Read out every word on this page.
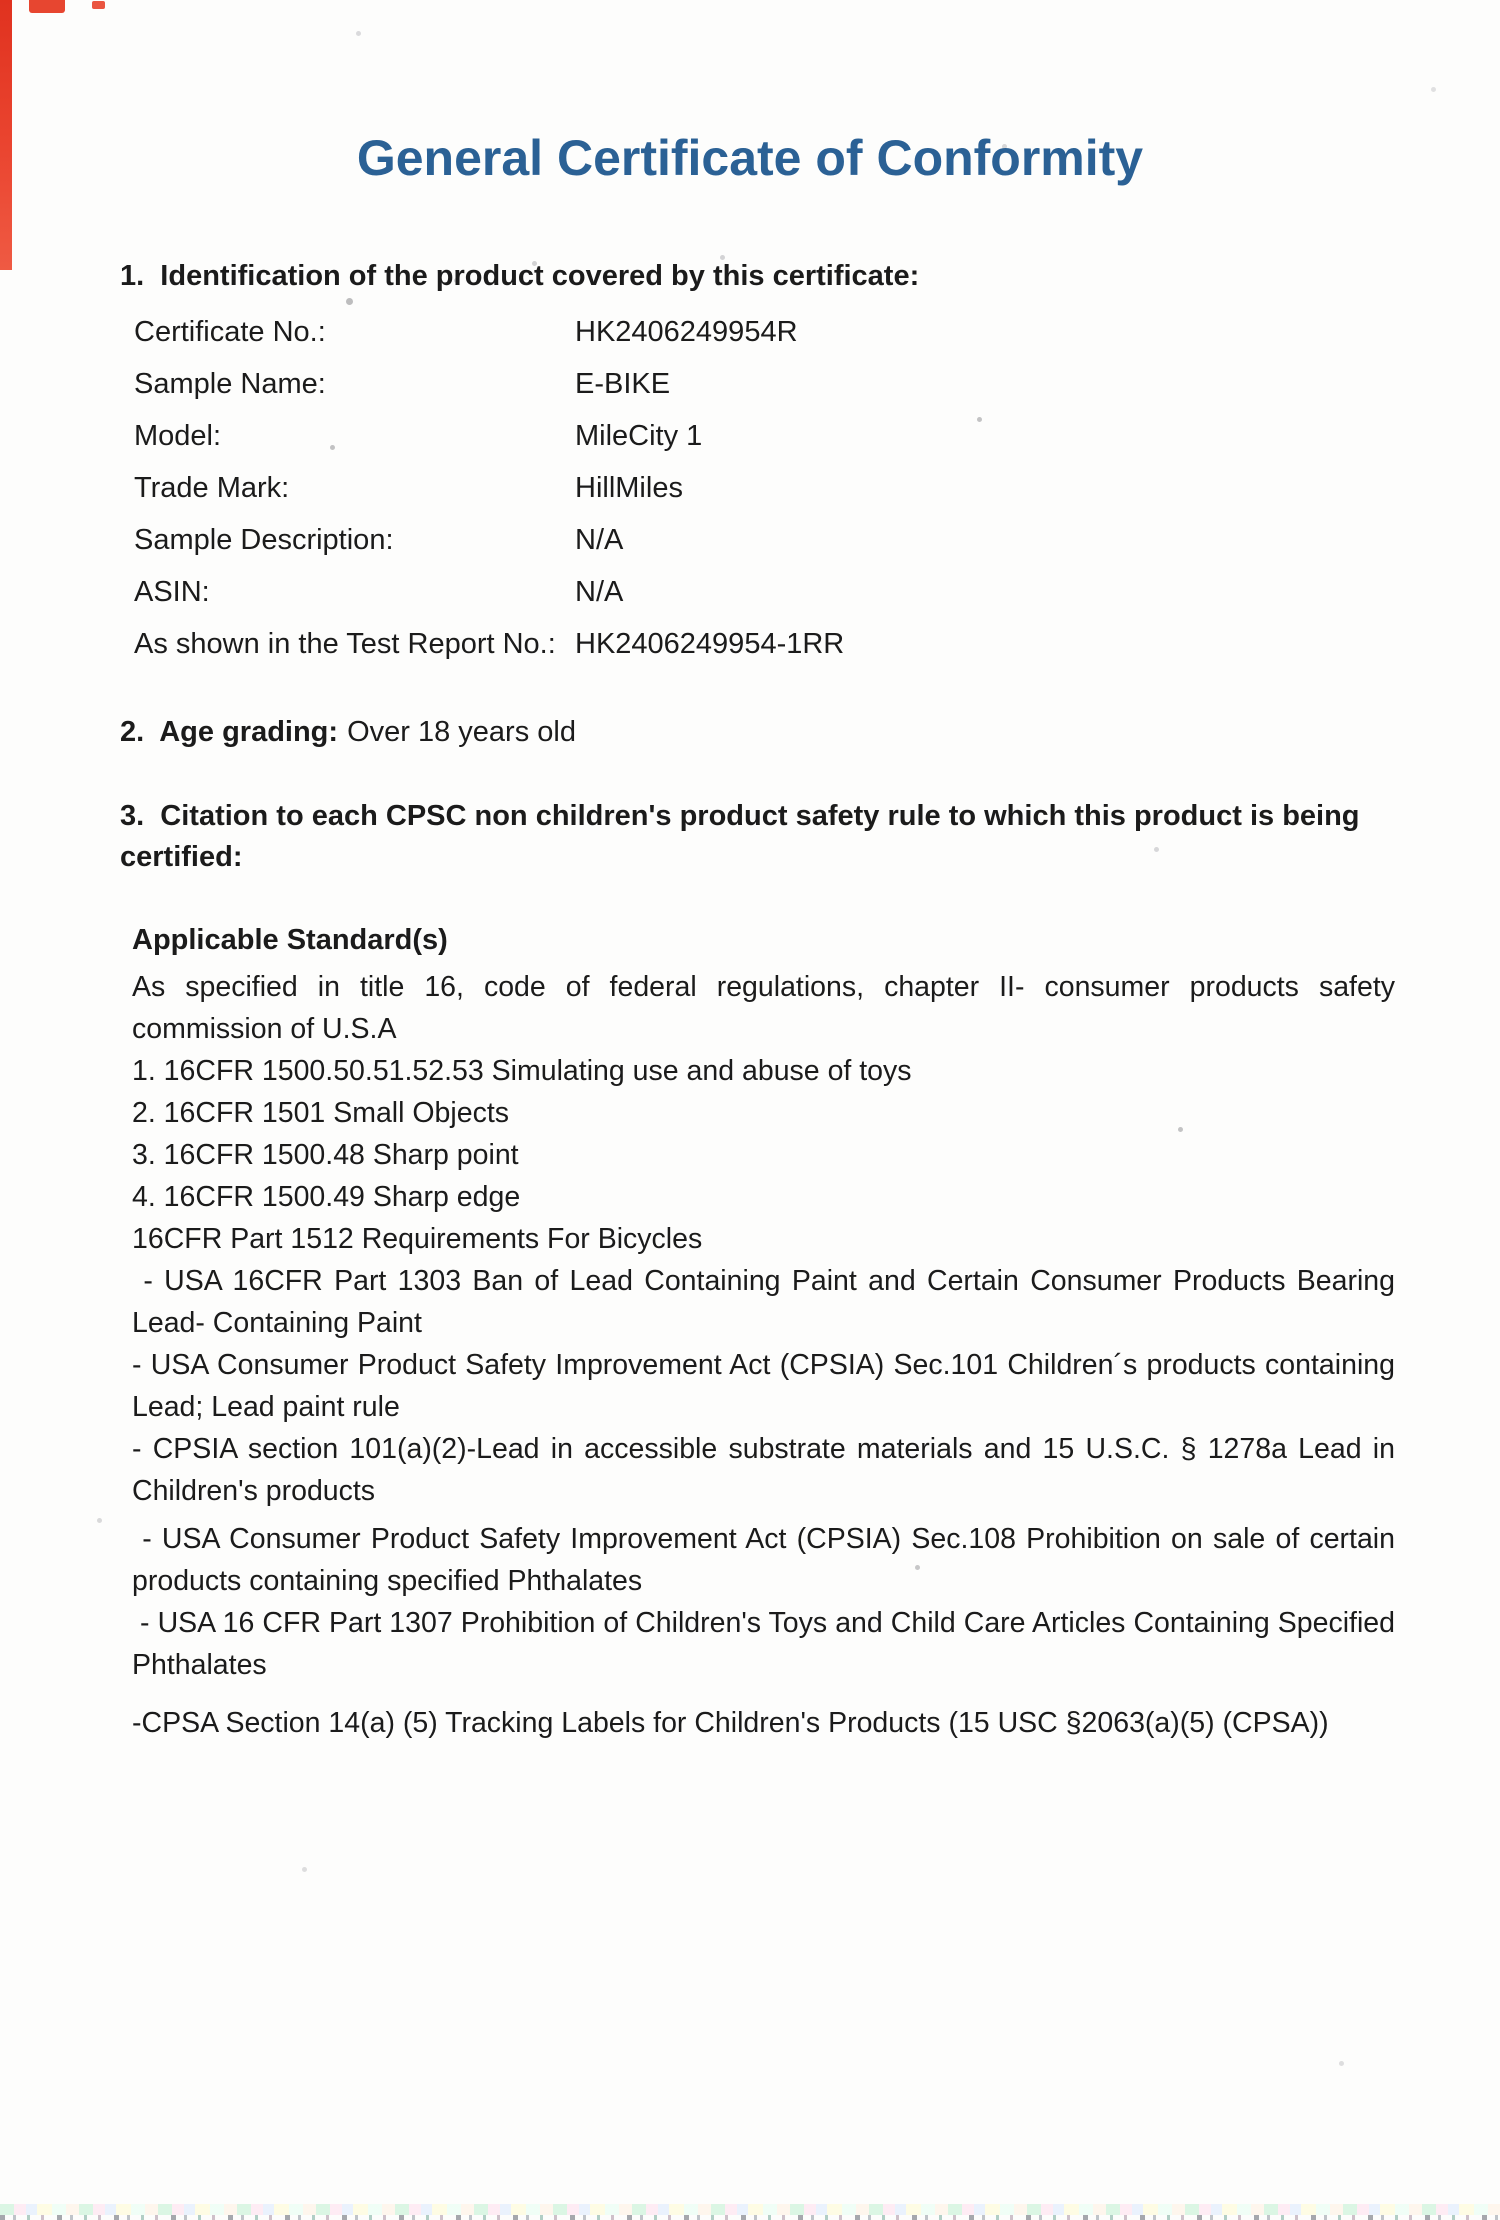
General Certificate of Conformity
1.  Identification of the product covered by this certificate:
Certificate No.:	HK2406249954R
Sample Name:	E-BIKE
Model:	MileCity 1
Trade Mark:	HillMiles
Sample Description:	N/A
ASIN:	N/A
As shown in the Test Report No.: HK2406249954-1RR

2.  Age grading: Over 18 years old

3.  Citation to each CPSC non children's product safety rule to which this product is being certified:
Applicable Standard(s)

As specified in title 16, code of federal regulations, chapter II- consumer products safety commission of U.S.A

1. 16CFR 1500.50.51.52.53 Simulating use and abuse of toys

2. 16CFR 1501 Small Objects

3. 16CFR 1500.48 Sharp point

4. 16CFR 1500.49 Sharp edge

16CFR Part 1512 Requirements For Bicycles

- USA 16CFR Part 1303 Ban of Lead Containing Paint and Certain Consumer Products Bearing Lead- Containing Paint

- USA Consumer Product Safety Improvement Act (CPSIA) Sec.101 Children´s products containing Lead; Lead paint rule

- CPSIA section 101(a)(2)-Lead in accessible substrate materials and 15 U.S.C. § 1278a Lead in Children's products

- USA Consumer Product Safety Improvement Act (CPSIA) Sec.108 Prohibition on sale of certain products containing specified Phthalates

- USA 16 CFR Part 1307 Prohibition of Children's Toys and Child Care Articles Containing Specified Phthalates

-CPSA Section 14(a) (5) Tracking Labels for Children's Products (15 USC §2063(a)(5) (CPSA))
